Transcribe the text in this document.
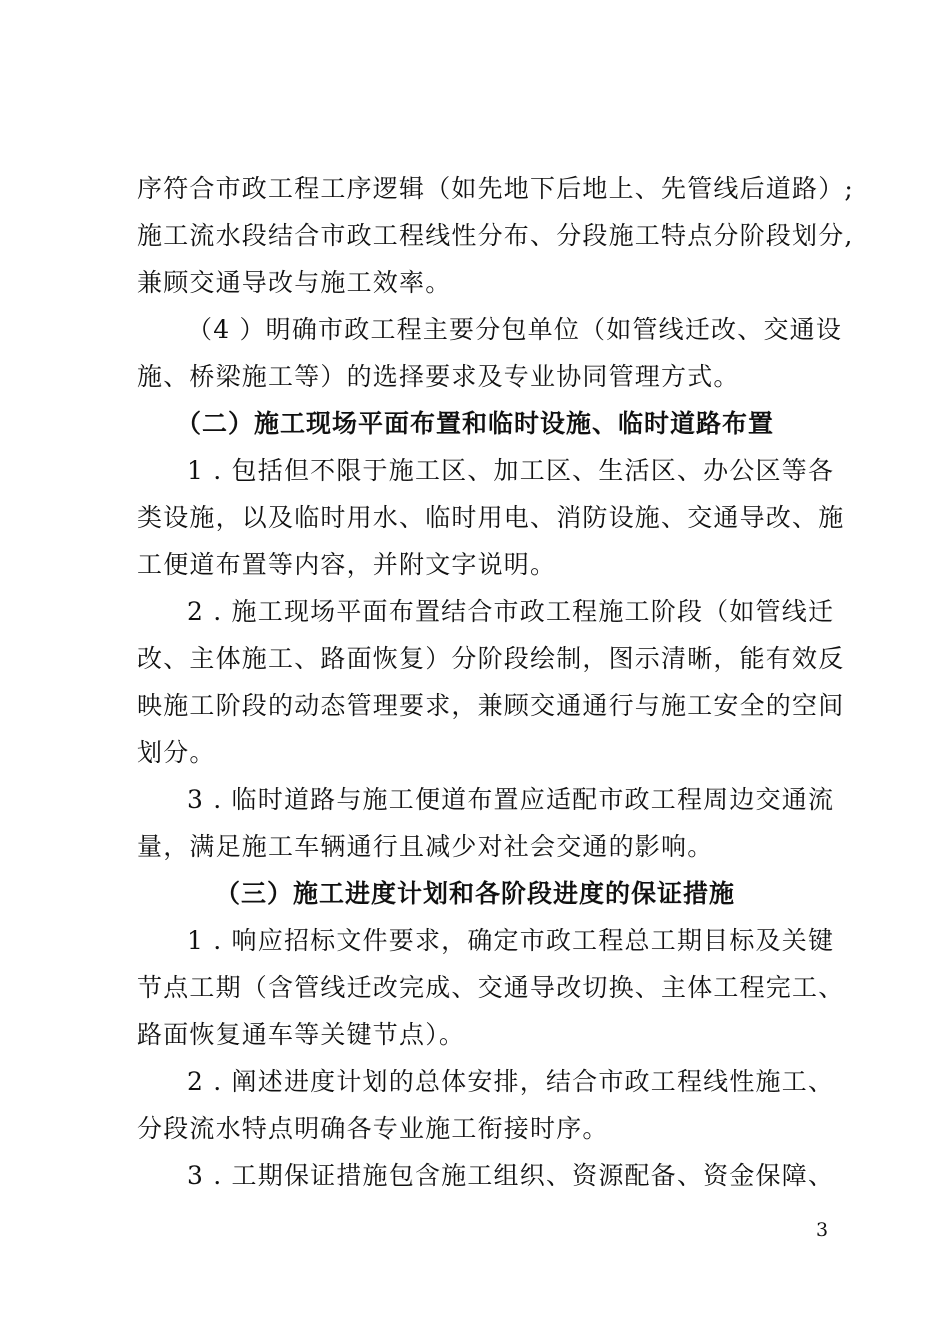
序符合市政工程工序逻辑（如先地下后地上、先管线后道路）;
施工流水段结合市政工程线性分布、分段施工特点分阶段划分,
兼顾交通导改与施工效率。
（4 ）明确市政工程主要分包单位（如管线迁改、交通设
施、桥梁施工等）的选择要求及专业协同管理方式。
（二）施工现场平面布置和临时设施、临时道路布置
1 . 包括但不限于施工区、加工区、生活区、办公区等各
类设施，以及临时用水、临时用电、消防设施、交通导改、施
工便道布置等内容，并附文字说明。
2 . 施工现场平面布置结合市政工程施工阶段（如管线迁
改、主体施工、路面恢复）分阶段绘制，图示清晰，能有效反
映施工阶段的动态管理要求，兼顾交通通行与施工安全的空间
划分。
3 . 临时道路与施工便道布置应适配市政工程周边交通流
量，满足施工车辆通行且减少对社会交通的影响。
（三）施工进度计划和各阶段进度的保证措施
1 . 响应招标文件要求，确定市政工程总工期目标及关键
节点工期（含管线迁改完成、交通导改切换、主体工程完工、
路面恢复通车等关键节点）。
2 . 阐述进度计划的总体安排，结合市政工程线性施工、
分段流水特点明确各专业施工衔接时序。
3 . 工期保证措施包含施工组织、资源配备、资金保障、
3
